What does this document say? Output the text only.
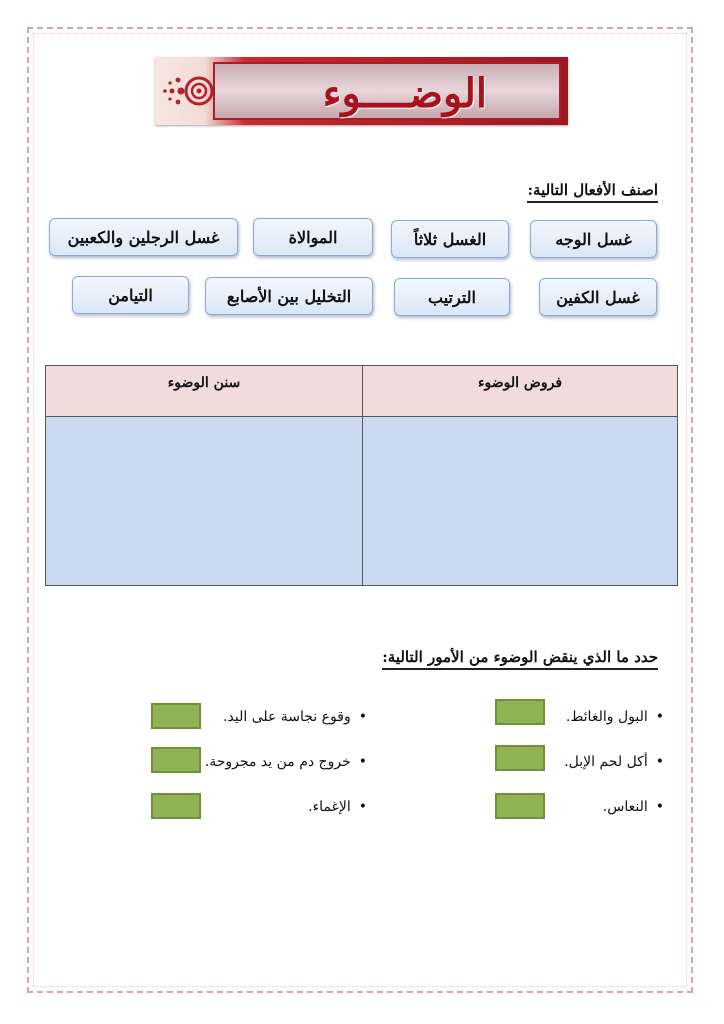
الوضــــوء
اصنف الأفعال التالية:
غسل الوجه
الغسل ثلاثاً
الموالاة
غسل الرجلين والكعبين
غسل الكفين
الترتيب
التخليل بين الأصابع
التيامن
فروض الوضوء
سنن الوضوء
حدد ما الذي ينقض الوضوء من الأمور التالية:
•البول والغائط.
•أكل لحم الإبل.
•النعاس.
•وقوع نجاسة على اليد.
•خروج دم من يد مجروحة.
•الإغماء.
